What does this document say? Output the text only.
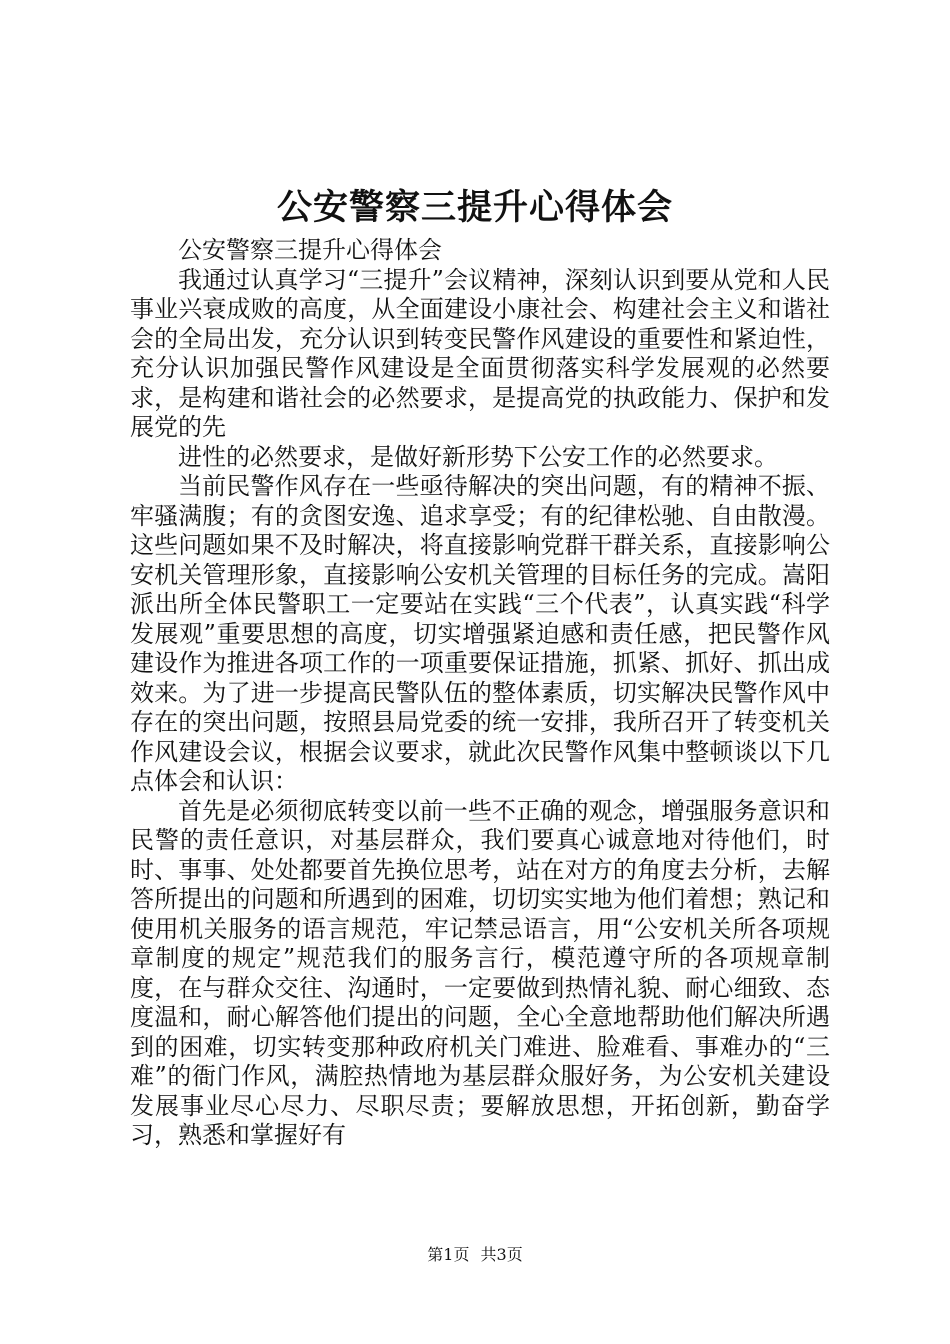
公安警察三提升心得体会

公安警察三提升心得体会

我通过认真学习“三提升”会议精神，深刻认识到要从党和人民事业兴衰成败的高度，从全面建设小康社会、构建社会主义和谐社会的全局出发，充分认识到转变民警作风建设的重要性和紧迫性，充分认识加强民警作风建设是全面贯彻落实科学发展观的必然要求，是构建和谐社会的必然要求，是提高党的执政能力、保护和发展党的先

进性的必然要求，是做好新形势下公安工作的必然要求。

当前民警作风存在一些亟待解决的突出问题，有的精神不振、牢骚满腹；有的贪图安逸、追求享受；有的纪律松驰、自由散漫。这些问题如果不及时解决，将直接影响党群干群关系，直接影响公安机关管理形象，直接影响公安机关管理的目标任务的完成。嵩阳派出所全体民警职工一定要站在实践“三个代表”，认真实践“科学发展观”重要思想的高度，切实增强紧迫感和责任感，把民警作风建设作为推进各项工作的一项重要保证措施，抓紧、抓好、抓出成效来。为了进一步提高民警队伍的整体素质，切实解决民警作风中存在的突出问题，按照县局党委的统一安排，我所召开了转变机关作风建设会议，根据会议要求，就此次民警作风集中整顿谈以下几点体会和认识：

首先是必须彻底转变以前一些不正确的观念，增强服务意识和民警的责任意识，对基层群众，我们要真心诚意地对待他们，时时、事事、处处都要首先换位思考，站在对方的角度去分析，去解答所提出的问题和所遇到的困难，切切实实地为他们着想；熟记和使用机关服务的语言规范，牢记禁忌语言，用“公安机关所各项规章制度的规定”规范我们的服务言行，模范遵守所的各项规章制度，在与群众交往、沟通时，一定要做到热情礼貌、耐心细致、态度温和，耐心解答他们提出的问题，全心全意地帮助他们解决所遇到的困难，切实转变那种政府机关门难进、脸难看、事难办的“三难”的衙门作风，满腔热情地为基层群众服好务，为公安机关建设发展事业尽心尽力、尽职尽责；要解放思想，开拓创新，勤奋学习，熟悉和掌握好有

第1页 共3页
